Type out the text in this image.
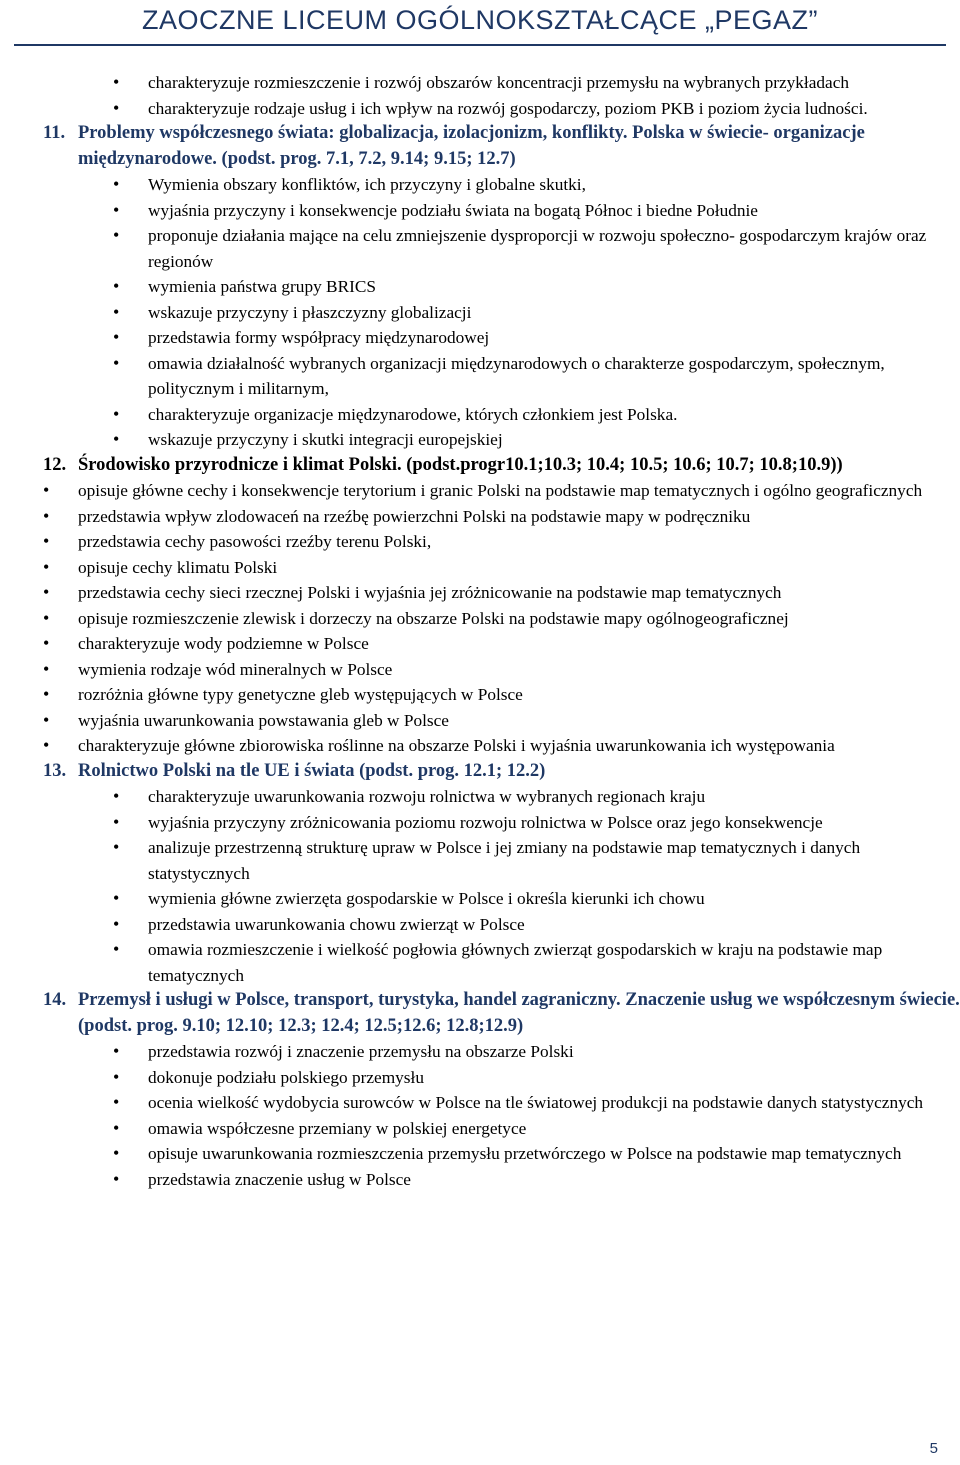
ZAOCZNE LICEUM OGÓLNOKSZTAŁCĄCE „PEGAZ”
• charakteryzuje rozmieszczenie i rozwój obszarów koncentracji przemysłu na wybranych przykładach
• charakteryzuje rodzaje usług i ich wpływ na rozwój gospodarczy, poziom PKB i poziom życia ludności.
11. Problemy współczesnego świata: globalizacja, izolacjonizm, konflikty. Polska w świecie- organizacje międzynarodowe. (podst. prog. 7.1, 7.2, 9.14; 9.15; 12.7)
• Wymienia obszary konfliktów, ich przyczyny i globalne skutki,
• wyjaśnia przyczyny i konsekwencje podziału świata na bogatą Północ i biedne Południe
• proponuje działania mające na celu zmniejszenie dysproporcji w rozwoju społeczno- gospodarczym krajów oraz regionów
• wymienia państwa grupy BRICS
• wskazuje przyczyny i płaszczyzny globalizacji
• przedstawia formy współpracy międzynarodowej
• omawia działalność wybranych organizacji międzynarodowych o charakterze gospodarczym, społecznym, politycznym i militarnym,
• charakteryzuje organizacje międzynarodowe, których członkiem jest Polska.
• wskazuje przyczyny i skutki integracji europejskiej
12. Środowisko przyrodnicze i klimat Polski. (podst.progr10.1;10.3; 10.4; 10.5; 10.6; 10.7; 10.8;10.9))
• opisuje główne cechy i konsekwencje terytorium i granic Polski na podstawie map tematycznych i ogólno geograficznych
• przedstawia wpływ zlodowaceń na rzeźbę powierzchni Polski na podstawie mapy w podręczniku
• przedstawia cechy pasowości rzeźby terenu Polski,
• opisuje cechy klimatu Polski
• przedstawia cechy sieci rzecznej Polski i wyjaśnia jej zróżnicowanie na podstawie map tematycznych
• opisuje rozmieszczenie zlewisk i dorzeczy na obszarze Polski na podstawie mapy ogólnogeograficznej
• charakteryzuje wody podziemne w Polsce
• wymienia rodzaje wód mineralnych w Polsce
• rozróżnia główne typy genetyczne gleb występujących w Polsce
• wyjaśnia uwarunkowania powstawania gleb w Polsce
• charakteryzuje główne zbiorowiska roślinne na obszarze Polski i wyjaśnia uwarunkowania ich występowania
13. Rolnictwo Polski na tle UE i świata (podst. prog. 12.1; 12.2)
• charakteryzuje uwarunkowania rozwoju rolnictwa w wybranych regionach kraju
• wyjaśnia przyczyny zróżnicowania poziomu rozwoju rolnictwa w Polsce oraz jego konsekwencje
• analizuje przestrzenną strukturę upraw w Polsce i jej zmiany na podstawie map tematycznych i danych statystycznych
• wymienia główne zwierzęta gospodarskie w Polsce i określa kierunki ich chowu
• przedstawia uwarunkowania chowu zwierząt w Polsce
• omawia rozmieszczenie i wielkość pogłowia głównych zwierząt gospodarskich w kraju na podstawie map tematycznych
14. Przemysł i usługi w Polsce, transport, turystyka, handel zagraniczny. Znaczenie usług we współczesnym świecie. (podst. prog. 9.10; 12.10; 12.3; 12.4; 12.5;12.6; 12.8;12.9)
• przedstawia rozwój i znaczenie przemysłu na obszarze Polski
• dokonuje podziału polskiego przemysłu
• ocenia wielkość wydobycia surowców w Polsce na tle światowej produkcji na podstawie danych statystycznych
• omawia współczesne przemiany w polskiej energetyce
• opisuje uwarunkowania rozmieszczenia przemysłu przetwórczego w Polsce na podstawie map tematycznych
• przedstawia znaczenie usług w Polsce
5
